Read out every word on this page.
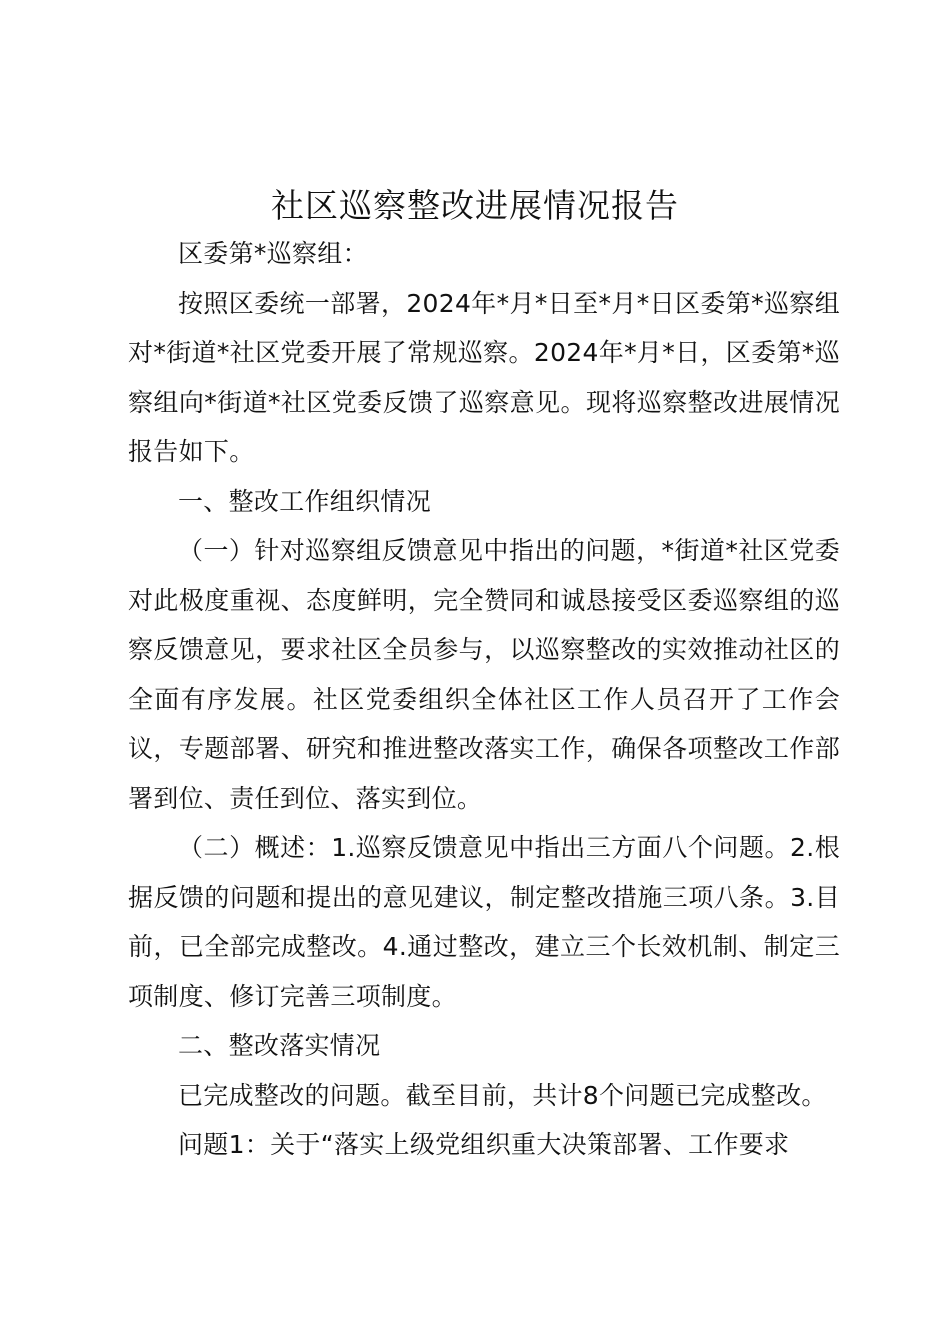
社区巡察整改进展情况报告

区委第*巡察组：

按照区委统一部署，2024年*月*日至*月*日区委第*巡察组对*街道*社区党委开展了常规巡察。2024年*月*日，区委第*巡察组向*街道*社区党委反馈了巡察意见。现将巡察整改进展情况报告如下。

一、整改工作组织情况

（一）针对巡察组反馈意见中指出的问题，*街道*社区党委对此极度重视、态度鲜明，完全赞同和诚恳接受区委巡察组的巡察反馈意见，要求社区全员参与，以巡察整改的实效推动社区的全面有序发展。社区党委组织全体社区工作人员召开了工作会议，专题部署、研究和推进整改落实工作，确保各项整改工作部署到位、责任到位、落实到位。

（二）概述：1.巡察反馈意见中指出三方面八个问题。2.根据反馈的问题和提出的意见建议，制定整改措施三项八条。3.目前，已全部完成整改。4.通过整改，建立三个长效机制、制定三项制度、修订完善三项制度。

二、整改落实情况

已完成整改的问题。截至目前，共计8个问题已完成整改。

问题1：关于“落实上级党组织重大决策部署、工作要求
